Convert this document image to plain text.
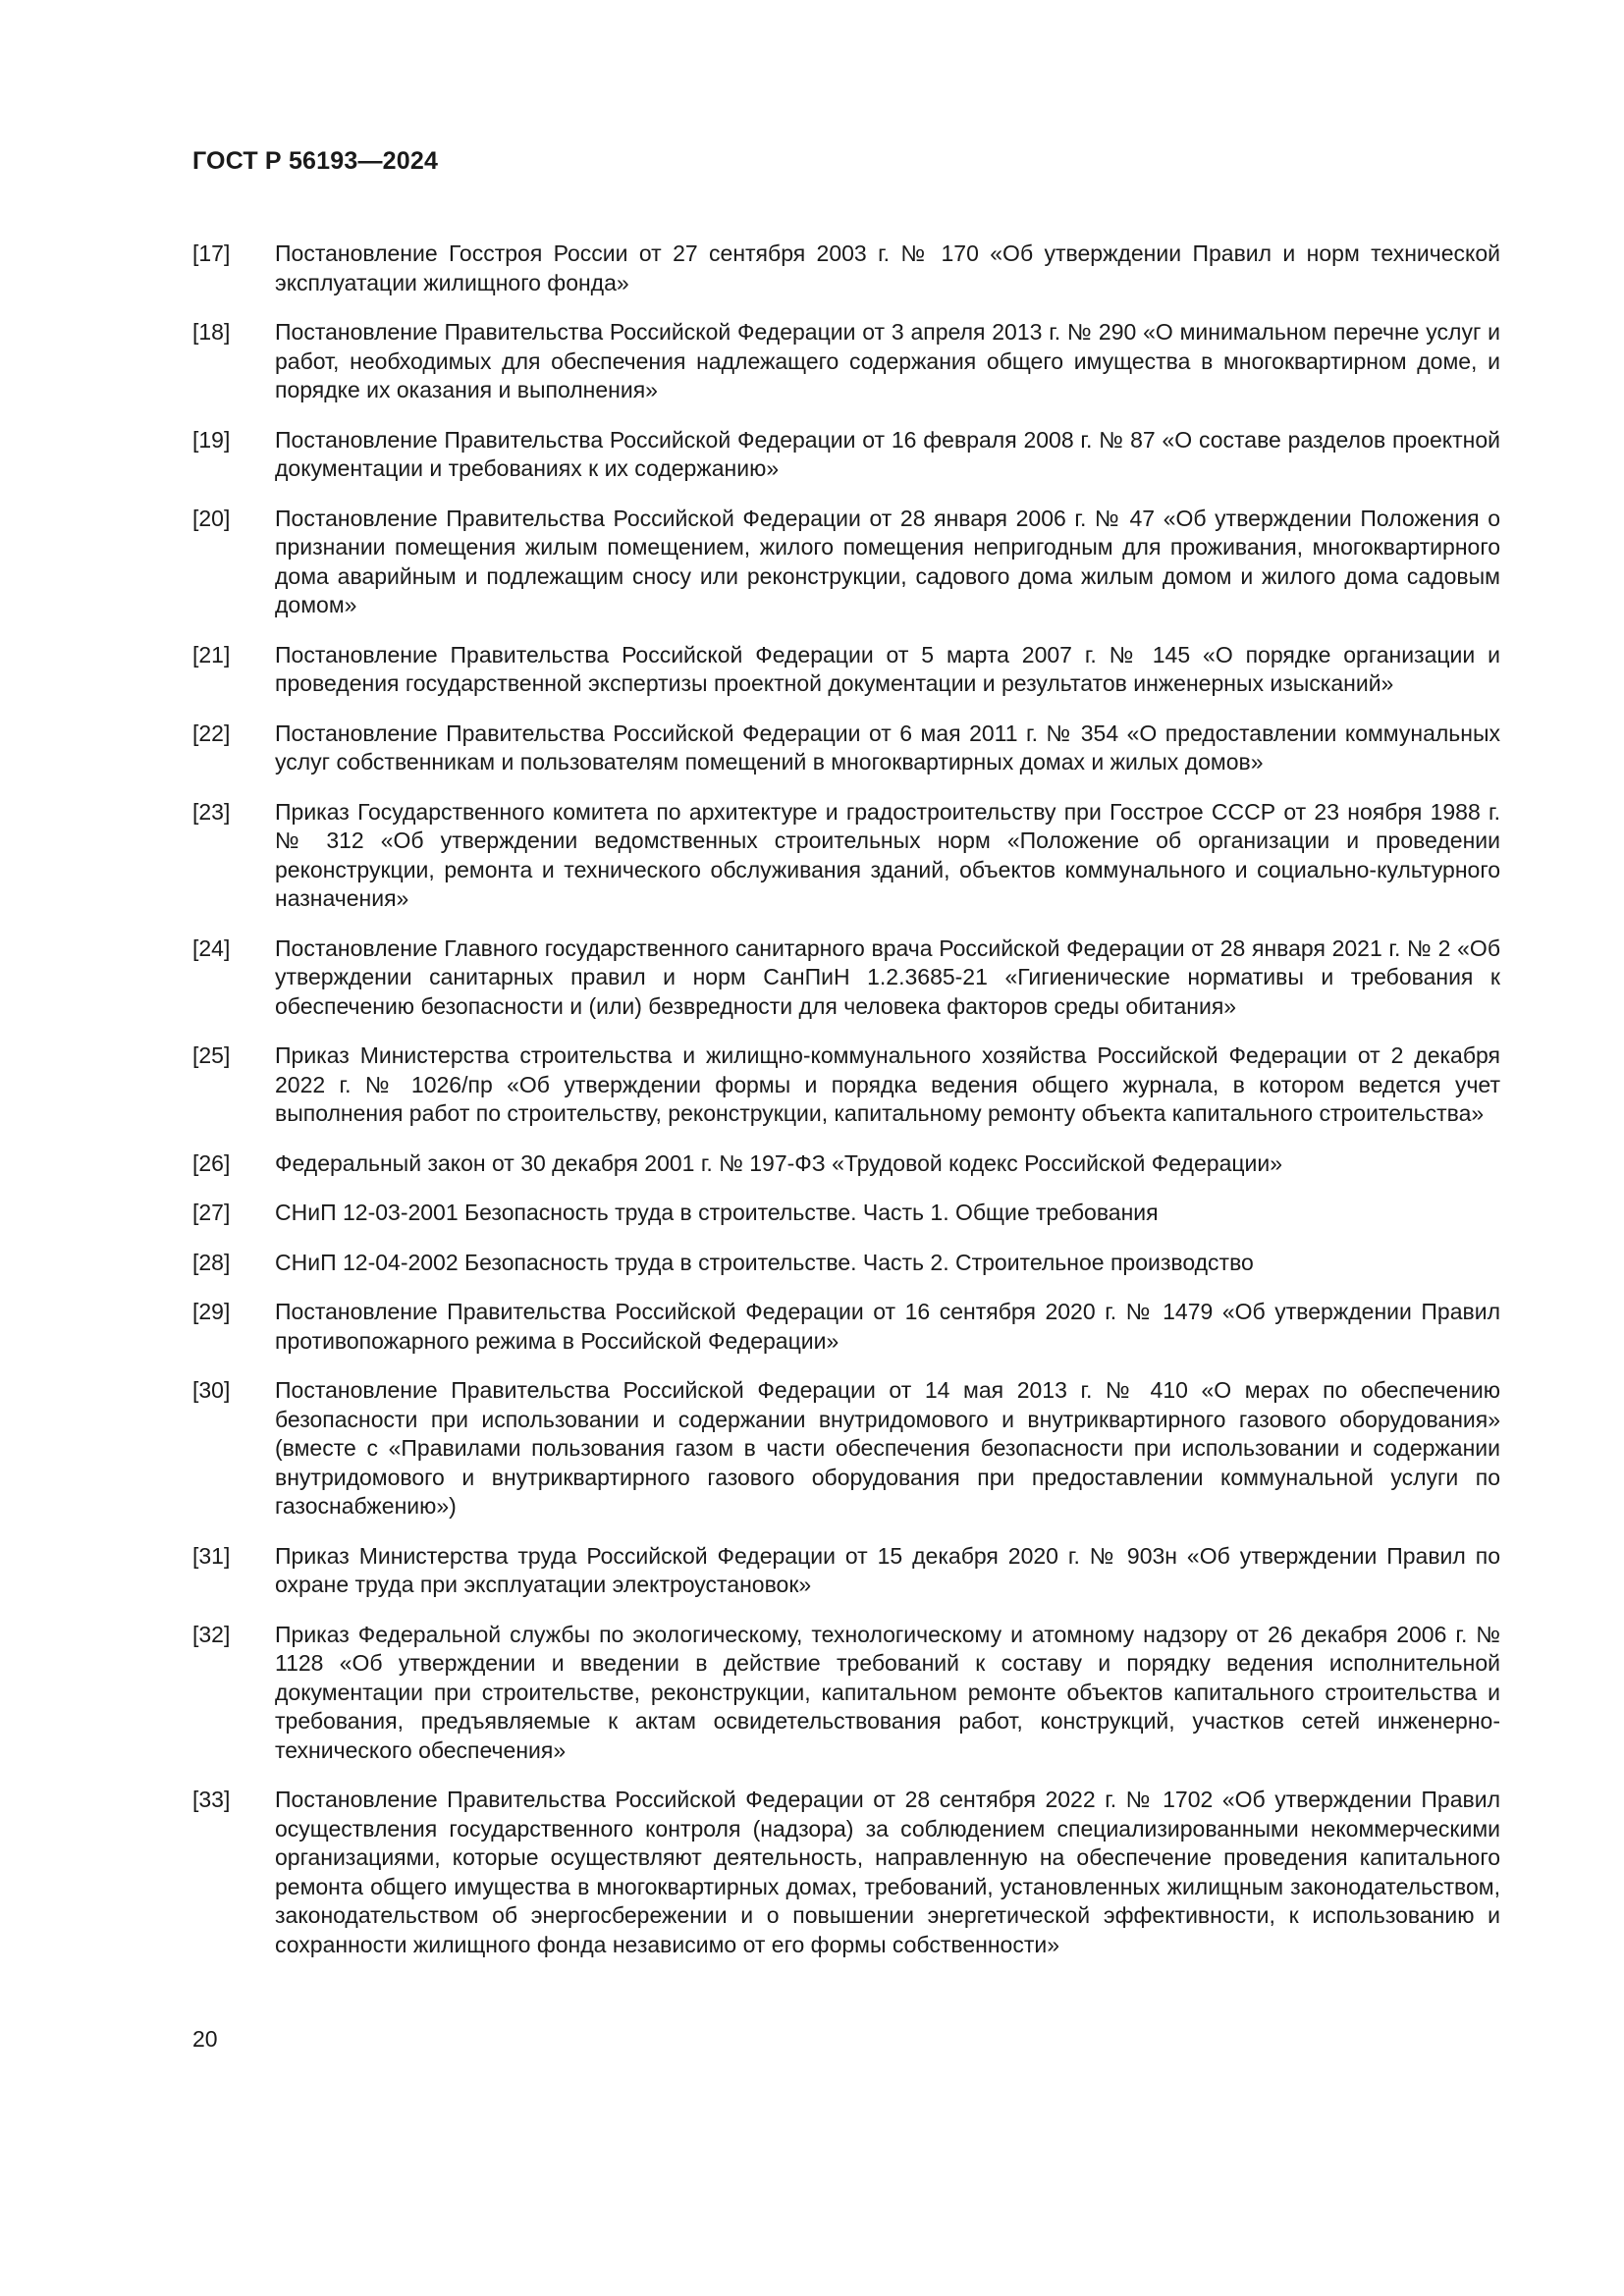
ГОСТ Р 56193—2024
[17]	Постановление Госстроя России от 27 сентября 2003 г. № 170 «Об утверждении Правил и норм технической эксплуатации жилищного фонда»
[18]	Постановление Правительства Российской Федерации от 3 апреля 2013 г. № 290 «О минимальном перечне услуг и работ, необходимых для обеспечения надлежащего содержания общего имущества в многоквартирном доме, и порядке их оказания и выполнения»
[19]	Постановление Правительства Российской Федерации от 16 февраля 2008 г. № 87 «О составе разделов проектной документации и требованиях к их содержанию»
[20]	Постановление Правительства Российской Федерации от 28 января 2006 г. № 47 «Об утверждении Положения о признании помещения жилым помещением, жилого помещения непригодным для проживания, многоквартирного дома аварийным и подлежащим сносу или реконструкции, садового дома жилым домом и жилого дома садовым домом»
[21]	Постановление Правительства Российской Федерации от 5 марта 2007 г. № 145 «О порядке организации и проведения государственной экспертизы проектной документации и результатов инженерных изысканий»
[22]	Постановление Правительства Российской Федерации от 6 мая 2011 г. № 354 «О предоставлении коммунальных услуг собственникам и пользователям помещений в многоквартирных домах и жилых домов»
[23]	Приказ Государственного комитета по архитектуре и градостроительству при Госстрое СССР от 23 ноября 1988 г. № 312 «Об утверждении ведомственных строительных норм «Положение об организации и проведении реконструкции, ремонта и технического обслуживания зданий, объектов коммунального и социально-культурного назначения»
[24]	Постановление Главного государственного санитарного врача Российской Федерации от 28 января 2021 г. № 2 «Об утверждении санитарных правил и норм СанПиН 1.2.3685-21 «Гигиенические нормативы и требования к обеспечению безопасности и (или) безвредности для человека факторов среды обитания»
[25]	Приказ Министерства строительства и жилищно-коммунального хозяйства Российской Федерации от 2 декабря 2022 г. № 1026/пр «Об утверждении формы и порядка ведения общего журнала, в котором ведется учет выполнения работ по строительству, реконструкции, капитальному ремонту объекта капитального строительства»
[26]	Федеральный закон от 30 декабря 2001 г. № 197-ФЗ «Трудовой кодекс Российской Федерации»
[27]	СНиП 12-03-2001 Безопасность труда в строительстве. Часть 1. Общие требования
[28]	СНиП 12-04-2002 Безопасность труда в строительстве. Часть 2. Строительное производство
[29]	Постановление Правительства Российской Федерации от 16 сентября 2020 г. № 1479 «Об утверждении Правил противопожарного режима в Российской Федерации»
[30]	Постановление Правительства Российской Федерации от 14 мая 2013 г. № 410 «О мерах по обеспечению безопасности при использовании и содержании внутридомового и внутриквартирного газового оборудования» (вместе с «Правилами пользования газом в части обеспечения безопасности при использовании и содержании внутридомового и внутриквартирного газового оборудования при предоставлении коммунальной услуги по газоснабжению»)
[31]	Приказ Министерства труда Российской Федерации от 15 декабря 2020 г. № 903н «Об утверждении Правил по охране труда при эксплуатации электроустановок»
[32]	Приказ Федеральной службы по экологическому, технологическому и атомному надзору от 26 декабря 2006 г. № 1128 «Об утверждении и введении в действие требований к составу и порядку ведения исполнительной документации при строительстве, реконструкции, капитальном ремонте объектов капитального строительства и требования, предъявляемые к актам освидетельствования работ, конструкций, участков сетей инженерно-технического обеспечения»
[33]	Постановление Правительства Российской Федерации от 28 сентября 2022 г. № 1702 «Об утверждении Правил осуществления государственного контроля (надзора) за соблюдением специализированными некоммерческими организациями, которые осуществляют деятельность, направленную на обеспечение проведения капитального ремонта общего имущества в многоквартирных домах, требований, установленных жилищным законодательством, законодательством об энергосбережении и о повышении энергетической эффективности, к использованию и сохранности жилищного фонда независимо от его формы собственности»
20
